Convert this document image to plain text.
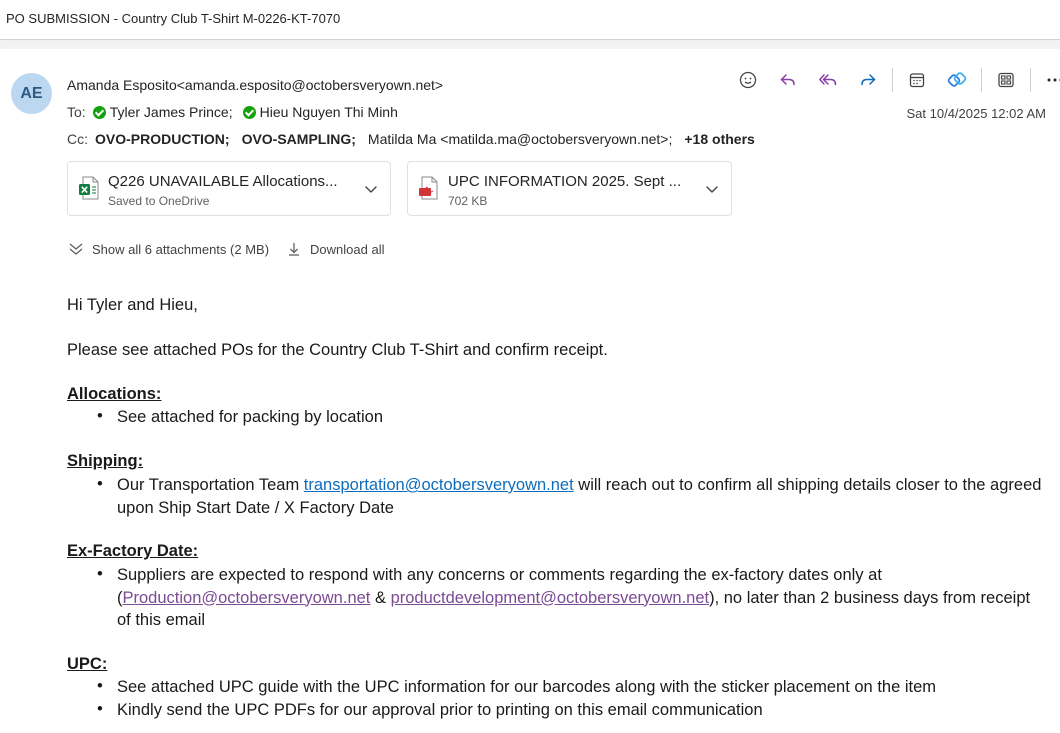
PO SUBMISSION - Country Club T-Shirt M-0226-KT-7070
AE	Amanda Esposito<amanda.esposito@octobersveryown.net>
To: Tyler James Prince; Hieu Nguyen Thi Minh
Cc: OVO-PRODUCTION; OVO-SAMPLING; Matilda Ma <matilda.ma@octobersveryown.net>; +18 others
Sat 10/4/2025 12:02 AM
Q226 UNAVAILABLE Allocations...
Saved to OneDrive
UPC INFORMATION 2025. Sept ...
702 KB
Show all 6 attachments (2 MB)	Download all
Hi Tyler and Hieu,
Please see attached POs for the Country Club T-Shirt and confirm receipt.
Allocations:
• See attached for packing by location
Shipping:
• Our Transportation Team transportation@octobersveryown.net will reach out to confirm all shipping details closer to the agreed upon Ship Start Date / X Factory Date
Ex-Factory Date:
• Suppliers are expected to respond with any concerns or comments regarding the ex-factory dates only at (Production@octobersveryown.net & productdevelopment@octobersveryown.net), no later than 2 business days from receipt of this email
UPC:
• See attached UPC guide with the UPC information for our barcodes along with the sticker placement on the item
• Kindly send the UPC PDFs for our approval prior to printing on this email communication
